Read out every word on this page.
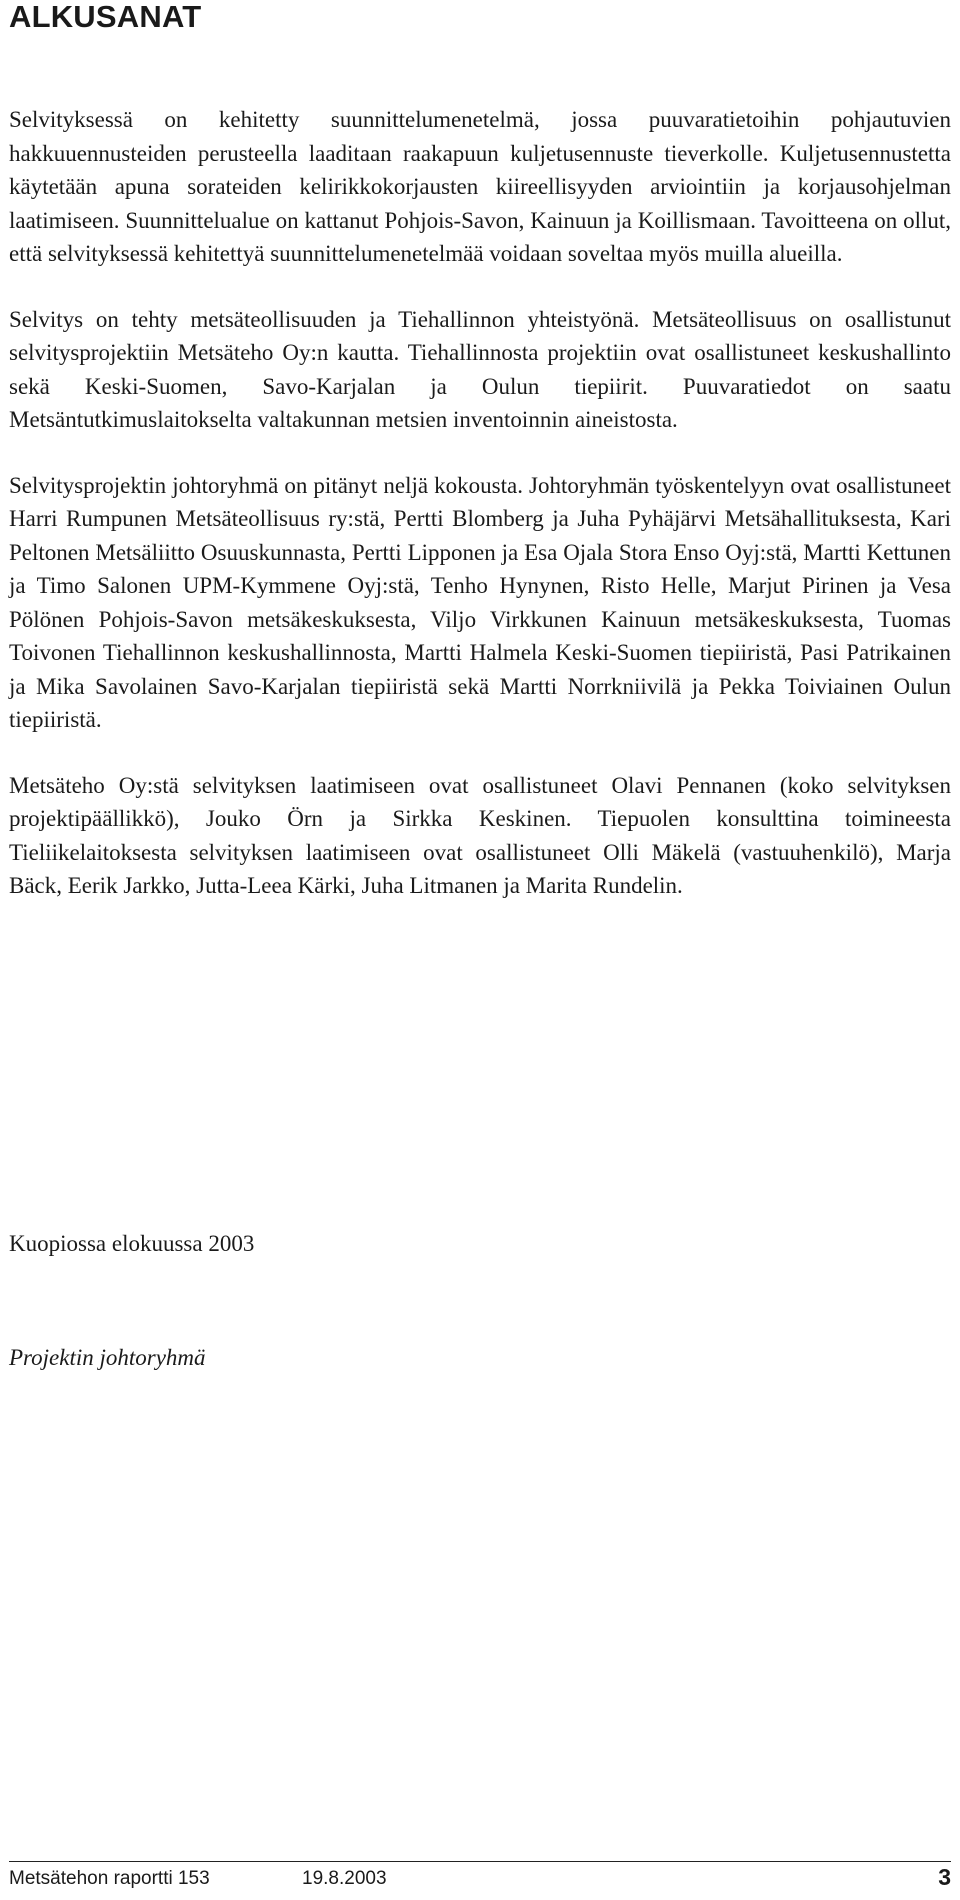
ALKUSANAT

Selvityksessä on kehitetty suunnittelumenetelmä, jossa puuvaratietoihin pohjautuvien hakkuuennusteiden perusteella laaditaan raakapuun kuljetusennuste tieverkolle. Kuljetusennustetta käytetään apuna sorateiden kelirikkokorjausten kiireellisyyden arviointiin ja korjausohjelman laatimiseen. Suunnittelualue on kattanut Pohjois-Savon, Kainuun ja Koillismaan. Tavoitteena on ollut, että selvityksessä kehitettyä suunnittelumenetelmää voidaan soveltaa myös muilla alueilla.

Selvitys on tehty metsäteollisuuden ja Tiehallinnon yhteistyönä. Metsäteollisuus on osallistunut selvitysprojektiin Metsäteho Oy:n kautta. Tiehallinnosta projektiin ovat osallistuneet keskushallinto sekä Keski-Suomen, Savo-Karjalan ja Oulun tiepiirit. Puuvaratiedot on saatu Metsäntutkimuslaitokselta valtakunnan metsien inventoinnin aineistosta.

Selvitysprojektin johtoryhmä on pitänyt neljä kokousta. Johtoryhmän työskentelyyn ovat osallistuneet Harri Rumpunen Metsäteollisuus ry:stä, Pertti Blomberg ja Juha Pyhäjärvi Metsähallituksesta, Kari Peltonen Metsäliitto Osuuskunnasta, Pertti Lipponen ja Esa Ojala Stora Enso Oyj:stä, Martti Kettunen ja Timo Salonen UPM-Kymmene Oyj:stä, Tenho Hynynen, Risto Helle, Marjut Pirinen ja Vesa Pölönen Pohjois-Savon metsäkeskuksesta, Viljo Virkkunen Kainuun metsäkeskuksesta, Tuomas Toivonen Tiehallinnon keskushallinnosta, Martti Halmela Keski-Suomen tiepiiristä, Pasi Patrikainen ja Mika Savolainen Savo-Karjalan tiepiiristä sekä Martti Norrkniivilä ja Pekka Toiviainen Oulun tiepiiristä.

Metsäteho Oy:stä selvityksen laatimiseen ovat osallistuneet Olavi Pennanen (koko selvityksen projektipäällikkö), Jouko Örn ja Sirkka Keskinen. Tiepuolen konsulttina toimineesta Tieliikelaitoksesta selvityksen laatimiseen ovat osallistuneet Olli Mäkelä (vastuuhenkilö), Marja Bäck, Eerik Jarkko, Jutta-Leea Kärki, Juha Litmanen ja Marita Rundelin.

Kuopiossa elokuussa 2003

Projektin johtoryhmä

Metsätehon raportti 153	19.8.2003	3
